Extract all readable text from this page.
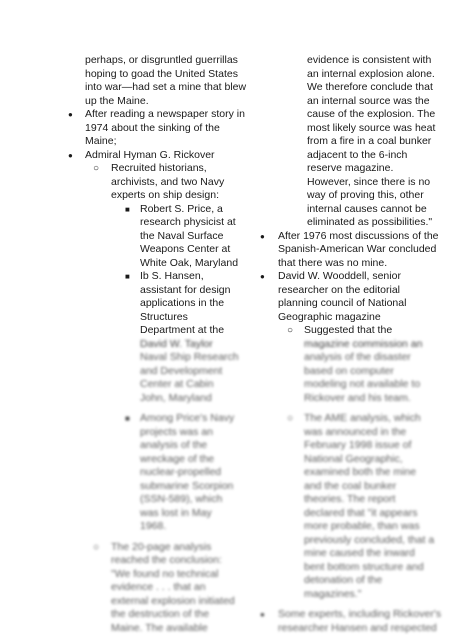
perhaps, or disgruntled guerrillas
hoping to goad the United States
into war—had set a mine that blew
up the Maine.
● After reading a newspaper story in
1974 about the sinking of the
Maine;
● Admiral Hyman G. Rickover
○ Recruited historians,
archivists, and two Navy
experts on ship design:
■ Robert S. Price, a
research physicist at
the Naval Surface
Weapons Center at
White Oak, Maryland
■ Ib S. Hansen,
assistant for design
applications in the
Structures
Department at the
David W. Taylor
Naval Ship Research
and Development
Center at Cabin
John, Maryland
■ Among Price's Navy
projects was an
analysis of the
wreckage of the
nuclear-propelled
submarine Scorpion
(SSN-589), which
was lost in May
1968.
○ The 20-page analysis
reached the conclusion:
"We found no technical
evidence . . . that an
external explosion initiated
the destruction of the
Maine. The available
evidence is consistent with
an internal explosion alone.
We therefore conclude that
an internal source was the
cause of the explosion. The
most likely source was heat
from a fire in a coal bunker
adjacent to the 6-inch
reserve magazine.
However, since there is no
way of proving this, other
internal causes cannot be
eliminated as possibilities."
● After 1976 most discussions of the
Spanish-American War concluded
that there was no mine.
● David W. Wooddell, senior
researcher on the editorial
planning council of National
Geographic magazine
○ Suggested that the
magazine commission an
analysis of the disaster
based on computer
modeling not available to
Rickover and his team.
○ The AME analysis, which
was announced in the
February 1998 issue of
National Geographic,
examined both the mine
and the coal bunker
theories. The report
declared that "it appears
more probable, than was
previously concluded, that a
mine caused the inward
bent bottom structure and
detonation of the
magazines."
● Some experts, including Rickover's
researcher Hansen and respected
